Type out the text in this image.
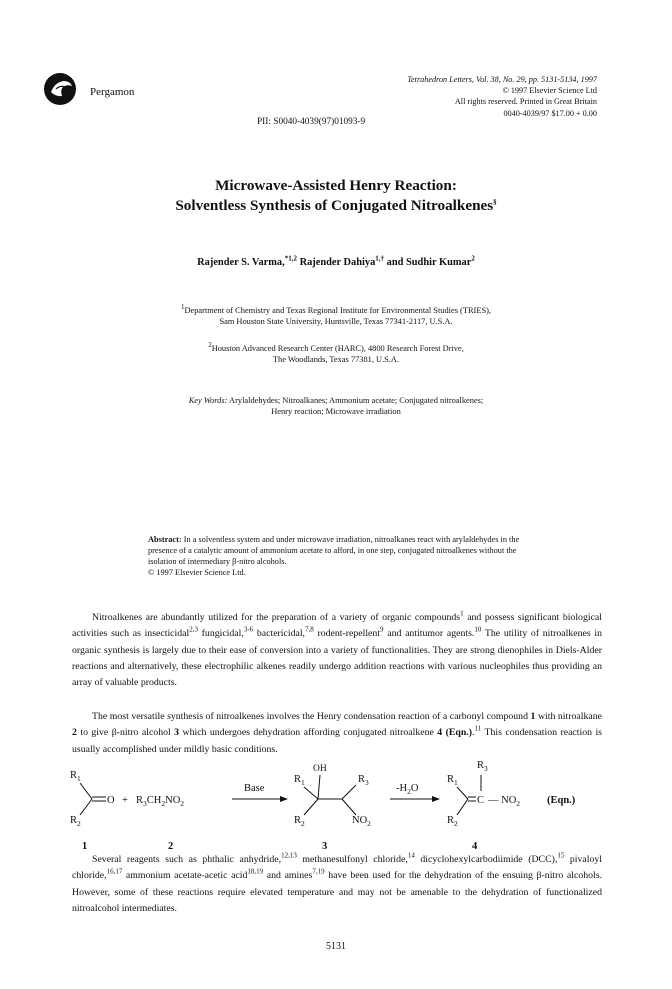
Pergamon
Tetrahedron Letters, Vol. 38, No. 29, pp. 5131-5134, 1997
© 1997 Elsevier Science Ltd
All rights reserved. Printed in Great Britain
0040-4039/97 $17.00 + 0.00
PII: S0040-4039(97)01093-9
Microwave-Assisted Henry Reaction:
Solventless Synthesis of Conjugated Nitroalkenes§
Rajender S. Varma,$^{*1,2}$ Rajender Dahiya$^{1,\dagger}$ and Sudhir Kumar$^2$
$^1$Department of Chemistry and Texas Regional Institute for Environmental Studies (TRIES),
Sam Houston State University, Huntsville, Texas 77341-2117, U.S.A.
$^2$Houston Advanced Research Center (HARC), 4800 Research Forest Drive,
The Woodlands, Texas 77381, U.S.A.
Key Words: Arylaldehydes; Nitroalkanes; Ammonium acetate; Conjugated nitroalkenes;
Henry reaction; Microwave irradiation
Abstract: In a solventless system and under microwave irradiation, nitroalkanes react with arylaldehydes in the presence of a catalytic amount of ammonium acetate to afford, in one step, conjugated nitroalkenes without the isolation of intermediary β-nitro alcohols.
© 1997 Elsevier Science Ltd.
Nitroalkenes are abundantly utilized for the preparation of a variety of organic compounds$^1$ and possess significant biological activities such as insecticidal$^{2,3}$ fungicidal,$^{3-6}$ bactericidal,$^{7,8}$ rodent-repellent$^9$ and antitumor agents.$^{10}$ The utility of nitroalkenes in organic synthesis is largely due to their ease of conversion into a variety of functionalities. They are strong dienophiles in Diels-Alder reactions and alternatively, these electrophilic alkenes readily undergo addition reactions with various nucleophiles thus providing an array of valuable products.
The most versatile synthesis of nitroalkenes involves the Henry condensation reaction of a carbonyl compound 1 with nitroalkane 2 to give β-nitro alcohol 3 which undergoes dehydration affording conjugated nitroalkene 4 (Eqn.).$^{11}$ This condensation reaction is usually accomplished under mildly basic conditions.
$R_1$
$R_2$
$O + R_3CH_2NO_2$
Base
OH
$R_1$	$R_3$
$R_2$	$NO_2$
$-H_2O$
$R_3$
$R_1$
$R_2$
C — $NO_2$	(Eqn.)
1	2	3	4
Several reagents such as phthalic anhydride,$^{12,13}$ methanesulfonyl chloride,$^{14}$ dicyclohexylcarbodiimide (DCC),$^{15}$ pivaloyl chloride,$^{16,17}$ ammonium acetate-acetic acid$^{18,19}$ and amines$^{7,19}$ have been used for the dehydration of the ensuing β-nitro alcohols. However, some of these reactions require elevated temperature and may not be amenable to the dehydration of functionalized nitroalcohol intermediates.
5131
